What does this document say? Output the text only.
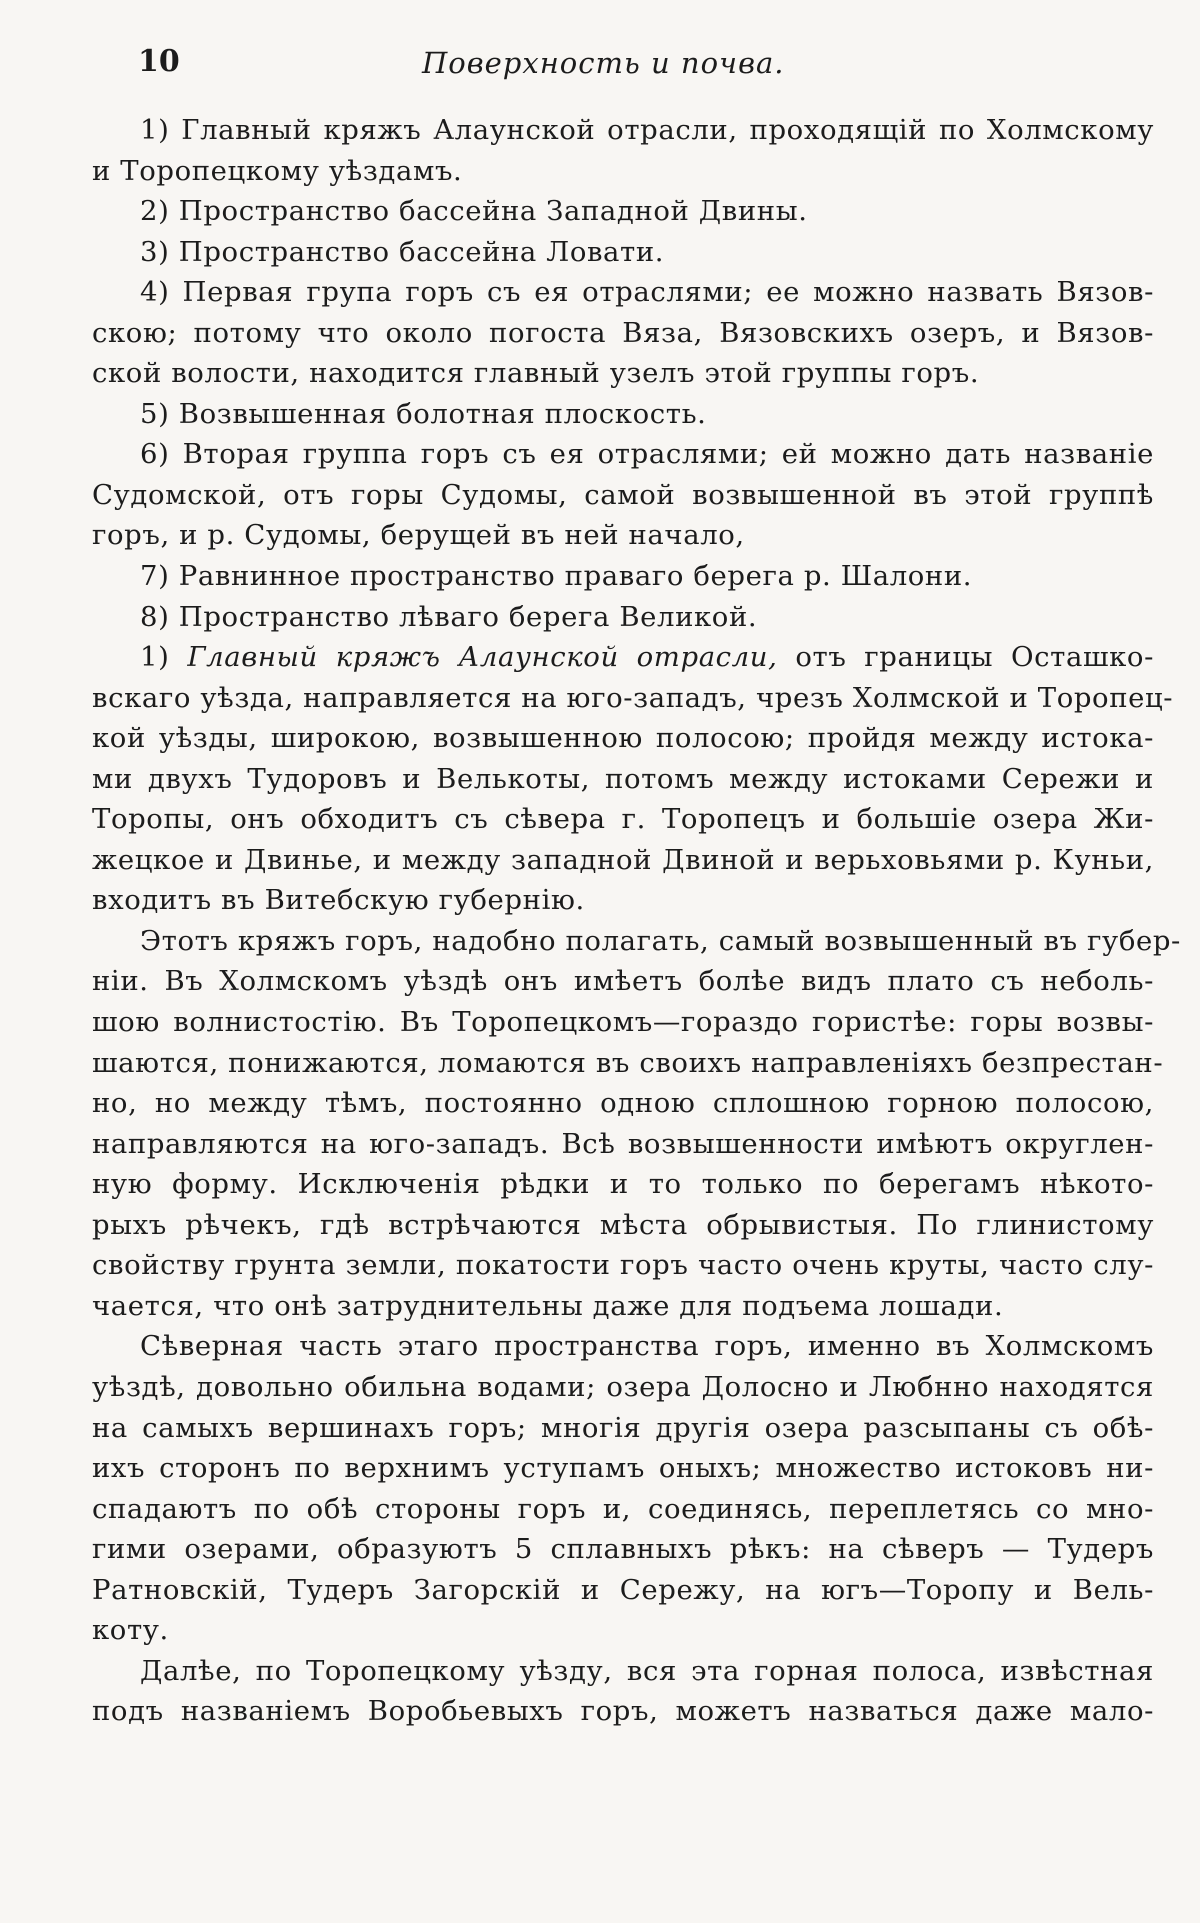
10	Поверхность и почва.
1) Главный кряжъ Алаунской отрасли, проходящій по Холмскому
и Торопецкому уѣздамъ.
2) Пространство бассейна Западной Двины.
3) Пространство бассейна Ловати.
4) Первая група горъ съ ея отраслями; ее можно назвать Вязов-
скою; потому что около погоста Вяза, Вязовскихъ озеръ, и Вязов-
ской волости, находится главный узелъ этой группы горъ.
5) Возвышенная болотная плоскость.
6) Вторая группа горъ съ ея отраслями; ей можно дать названіе
Судомской, отъ горы Судомы, самой возвышенной въ этой группѣ
горъ, и р. Судомы, берущей въ ней начало,
7) Равнинное пространство праваго берега р. Шалони.
8) Пространство лѣваго берега Великой.
1) Главный кряжъ Алаунской отрасли, отъ границы Осташко-
вскаго уѣзда, направляется на юго-западъ, чрезъ Холмской и Торопец-
кой уѣзды, широкою, возвышенною полосою; пройдя между истока-
ми двухъ Тудоровъ и Велькоты, потомъ между истоками Сережи и
Торопы, онъ обходитъ съ сѣвера г. Торопецъ и большіе озера Жи-
жецкое и Двинье, и между западной Двиной и верьховьями р. Куньи,
входитъ въ Витебскую губернію.
Этотъ кряжъ горъ, надобно полагать, самый возвышенный въ губер-
ніи. Въ Холмскомъ уѣздѣ онъ имѣетъ болѣе видъ плато съ неболь-
шою волнистостію. Въ Торопецкомъ—гораздо гористѣе: горы возвы-
шаются, понижаются, ломаются въ своихъ направленіяхъ безпрестан-
но, но между тѣмъ, постоянно одною сплошною горною полосою,
направляются на юго-западъ. Всѣ возвышенности имѣютъ округлен-
ную форму. Исключенія рѣдки и то только по берегамъ нѣкото-
рыхъ рѣчекъ, гдѣ встрѣчаются мѣста обрывистыя. По глинистому
свойству грунта земли, покатости горъ часто очень круты, часто слу-
чается, что онѣ затруднительны даже для подъема лошади.
Сѣверная часть этаго пространства горъ, именно въ Холмскомъ
уѣздѣ, довольно обильна водами; озера Долосно и Любнно находятся
на самыхъ вершинахъ горъ; многія другія озера разсыпаны съ обѣ-
ихъ сторонъ по верхнимъ уступамъ оныхъ; множество истоковъ ни-
спадаютъ по обѣ стороны горъ и, соединясь, переплетясь со мно-
гими озерами, образуютъ 5 сплавныхъ рѣкъ: на сѣверъ — Тудеръ
Ратновскій, Тудеръ Загорскій и Сережу, на югъ—Торопу и Вель-
коту.
Далѣе, по Торопецкому уѣзду, вся эта горная полоса, извѣстная
подъ названіемъ Воробьевыхъ горъ, можетъ назваться даже мало-
